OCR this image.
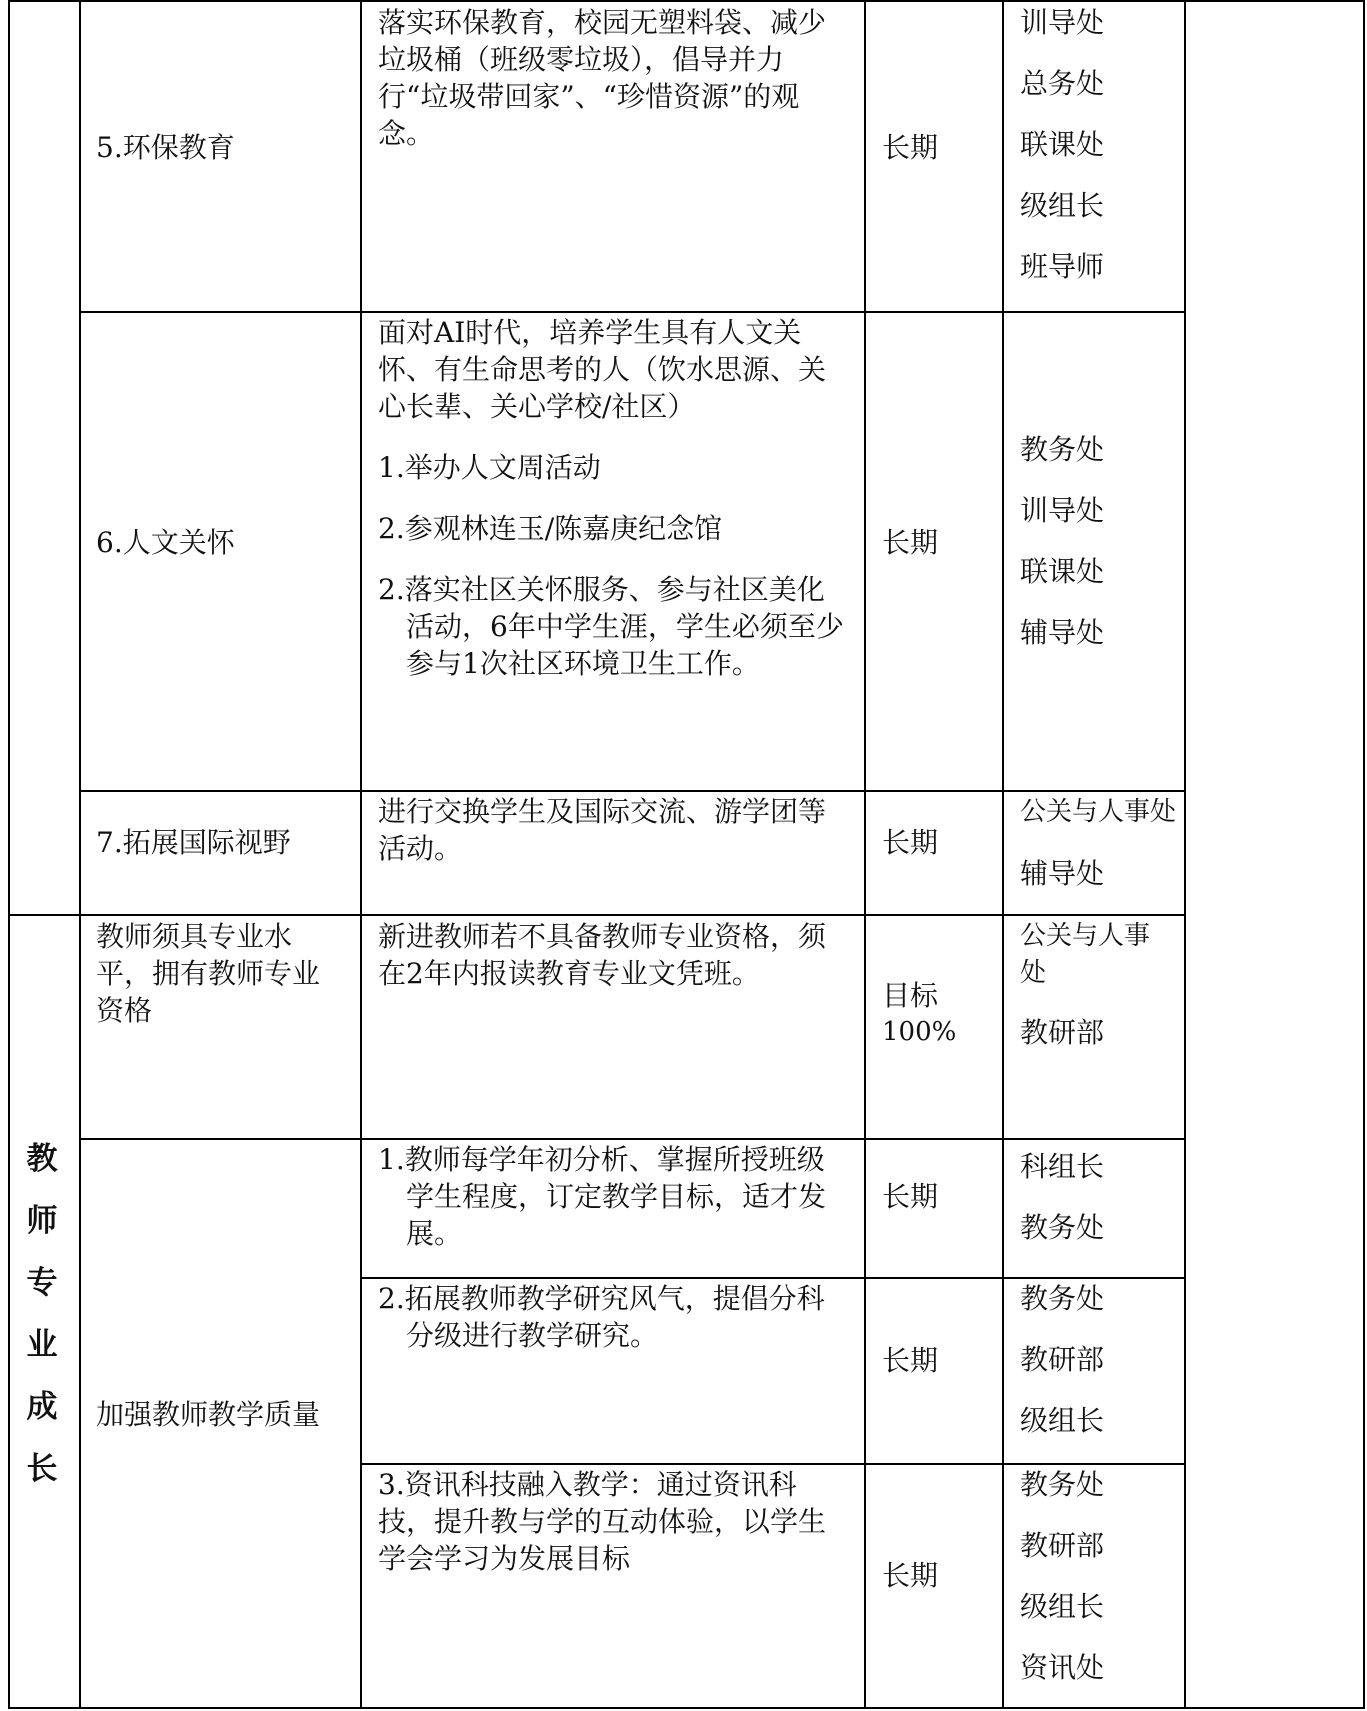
5.环保教育

落实环保教育，校园无塑料袋、减少垃圾桶（班级零垃圾），倡导并力行“垃圾带回家”、“珍惜资源”的观念。	长期
训导处
总务处
联课处
级组长
班导师
6.人文关怀

面对AI时代，培养学生具有人文关怀、有生命思考的人（饮水思源、关心长辈、关心学校/社区）

1.举办人文周活动

2.参观林连玉/陈嘉庚纪念馆

2.落实社区关怀服务、参与社区美化活动，6年中学生涯，学生必须至少参与1次社区环境卫生工作。

长期
教务处
训导处
联课处
辅导处
7.拓展国际视野

进行交换学生及国际交流、游学团等活动。	长期
公关与人事处
辅导处
教
师
专
业
成
长
教师须具专业水平，拥有教师专业资格

新进教师若不具备教师专业资格，须在2年内报读教育专业文凭班。

目标
100%
公关与人事处
教研部
加强教师教学质量

1.教师每学年初分析、掌握所授班级学生程度，订定教学目标，适才发展。

长期
科组长
教务处

2.拓展教师教学研究风气，提倡分科分级进行教学研究。

长期
教务处
教研部
级组长

3.资讯科技融入教学：通过资讯科技，提升教与学的互动体验，以学生学会学习为发展目标

长期
教务处
教研部
级组长
资讯处
